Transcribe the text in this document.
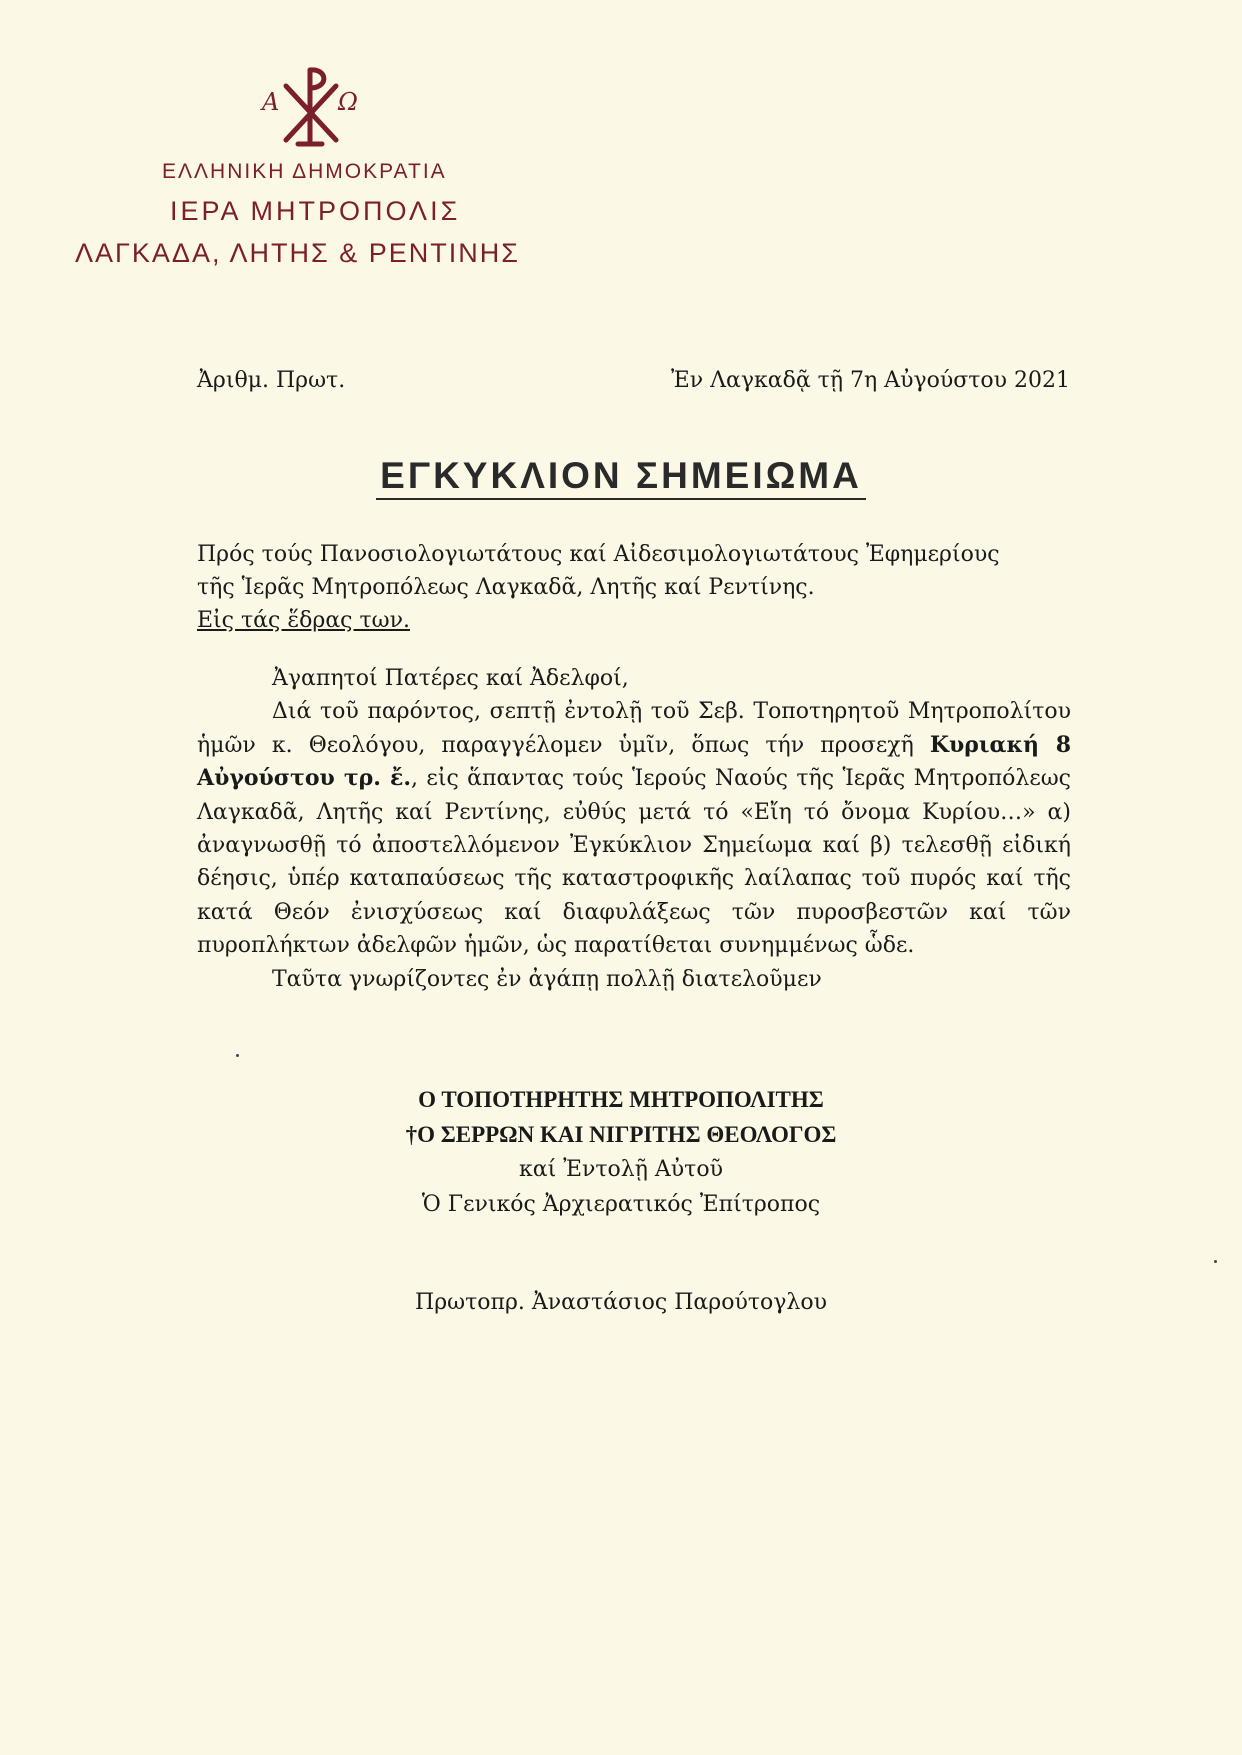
Α Ω
ΕΛΛΗΝΙΚΗ ΔΗΜΟΚΡΑΤΙΑ
ΙΕΡΑ ΜΗΤΡΟΠΟΛΙΣ
ΛΑΓΚΑΔΑ, ΛΗΤΗΣ & ΡΕΝΤΙΝΗΣ
Ἀριθμ. Πρωτ.	Ἐν Λαγκαδᾷ τῇ 7η Αὐγούστου 2021
ΕΓΚΥΚΛΙΟΝ ΣΗΜΕΙΩΜΑ
Πρός τούς Πανοσιολογιωτάτους καί Αἰδεσιμολογιωτάτους Ἐφημερίους
τῆς Ἱερᾶς Μητροπόλεως Λαγκαδᾶ, Λητῆς καί Ρεντίνης.
Εἰς τάς ἕδρας των.

Ἀγαπητοί Πατέρες καί Ἀδελφοί,

Διά τοῦ παρόντος, σεπτῇ ἐντολῇ τοῦ Σεβ. Τοποτηρητοῦ Μητροπολίτου ἡμῶν κ. Θεολόγου, παραγγέλομεν ὑμῖν, ὅπως τήν προσεχῆ Κυριακή 8 Αὐγούστου τρ. ἔ., εἰς ἅπαντας τούς Ἱερούς Ναούς τῆς Ἱερᾶς Μητροπόλεως Λαγκαδᾶ, Λητῆς καί Ρεντίνης, εὐθύς μετά τό «Εἴη τό ὄνομα Κυρίου…» α) ἀναγνωσθῇ τό ἀποστελλόμενον Ἐγκύκλιον Σημείωμα καί β) τελεσθῇ εἰδική δέησις, ὑπέρ καταπαύσεως τῆς καταστροφικῆς λαίλαπας τοῦ πυρός καί τῆς κατά Θεόν ἐνισχύσεως καί διαφυλάξεως τῶν πυροσβεστῶν καί τῶν πυροπλήκτων ἀδελφῶν ἡμῶν, ὡς παρατίθεται συνημμένως ὧδε.

Ταῦτα γνωρίζοντες ἐν ἀγάπῃ πολλῇ διατελοῦμεν

Ο ΤΟΠΟΤΗΡΗΤΗΣ ΜΗΤΡΟΠΟΛΙΤΗΣ
†Ο ΣΕΡΡΩΝ ΚΑΙ ΝΙΓΡΙΤΗΣ ΘΕΟΛΟΓΟΣ
καί Ἐντολῇ Αὐτοῦ
Ὁ Γενικός Ἀρχιερατικός Ἐπίτροπος
Πρωτοπρ. Ἀναστάσιος Παρούτογλου
